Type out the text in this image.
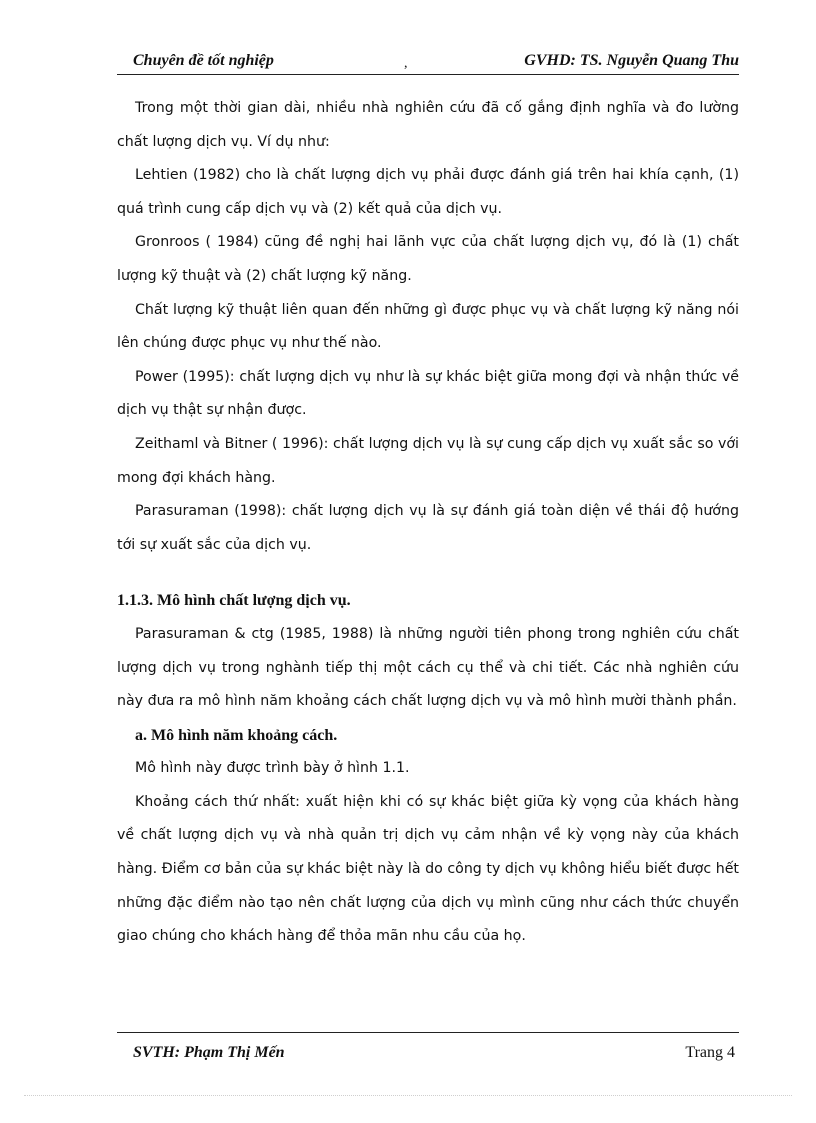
Chuyên đề tốt nghiệp	,	GVHD: TS. Nguyễn Quang Thu

Trong một thời gian dài, nhiều nhà nghiên cứu đã cố gắng định nghĩa và đo lường chất lượng dịch vụ. Ví dụ như:

Lehtien (1982) cho là chất lượng dịch vụ phải được đánh giá trên hai khía cạnh, (1) quá trình cung cấp dịch vụ và (2) kết quả của dịch vụ.

Gronroos ( 1984) cũng đề nghị hai lãnh vực của chất lượng dịch vụ, đó là (1) chất lượng kỹ thuật và (2) chất lượng kỹ năng.

Chất lượng kỹ thuật liên quan đến những gì được phục vụ và chất lượng kỹ năng nói lên chúng được phục vụ như thế nào.

Power (1995): chất lượng dịch vụ như là sự khác biệt giữa mong đợi và nhận thức về dịch vụ thật sự nhận được.

Zeithaml và Bitner ( 1996): chất lượng dịch vụ là sự cung cấp dịch vụ xuất sắc so với mong đợi khách hàng.

Parasuraman (1998): chất lượng dịch vụ là sự đánh giá toàn diện về thái độ hướng tới sự xuất sắc của dịch vụ.

1.1.3. Mô hình chất lượng dịch vụ.

Parasuraman & ctg (1985, 1988) là những người tiên phong trong nghiên cứu chất lượng dịch vụ trong nghành tiếp thị một cách cụ thể và chi tiết. Các nhà nghiên cứu này đưa ra mô hình năm khoảng cách chất lượng dịch vụ và mô hình mười thành phần.

a. Mô hình năm khoảng cách.

Mô hình này được trình bày ở hình 1.1.

Khoảng cách thứ nhất: xuất hiện khi có sự khác biệt giữa kỳ vọng của khách hàng về chất lượng dịch vụ và nhà quản trị dịch vụ cảm nhận về kỳ vọng này của khách hàng. Điểm cơ bản của sự khác biệt này là do công ty dịch vụ không hiểu biết được hết những đặc điểm nào tạo nên chất lượng của dịch vụ mình cũng như cách thức chuyển giao chúng cho khách hàng để thỏa mãn nhu cầu của họ.

SVTH: Phạm Thị Mến	Trang 4
